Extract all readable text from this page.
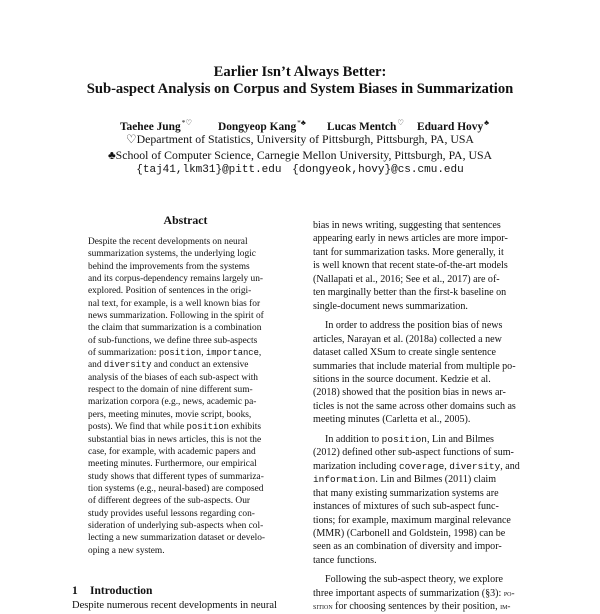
Earlier Isn’t Always Better:
Sub-aspect Analysis on Corpus and System Biases in Summarization
Taehee Jung*♡ Dongyeop Kang*♣ Lucas Mentch♡ Eduard Hovy♣
♡Department of Statistics, University of Pittsburgh, Pittsburgh, PA, USA
♣School of Computer Science, Carnegie Mellon University, Pittsburgh, PA, USA
{taj41,lkm31}@pitt.edu {dongyeok,hovy}@cs.cmu.edu
Abstract
Despite the recent developments on neural
summarization systems, the underlying logic
behind the improvements from the systems
and its corpus-dependency remains largely un-
explored. Position of sentences in the origi-
nal text, for example, is a well known bias for
news summarization. Following in the spirit of
the claim that summarization is a combination
of sub-functions, we define three sub-aspects
of summarization: position, importance,
and diversity and conduct an extensive
analysis of the biases of each sub-aspect with
respect to the domain of nine different sum-
marization corpora (e.g., news, academic pa-
pers, meeting minutes, movie script, books,
posts). We find that while position exhibits
substantial bias in news articles, this is not the
case, for example, with academic papers and
meeting minutes. Furthermore, our empirical
study shows that different types of summariza-
tion systems (e.g., neural-based) are composed
of different degrees of the sub-aspects. Our
study provides useful lessons regarding con-
sideration of underlying sub-aspects when col-
lecting a new summarization dataset or develo-
oping a new system.
1 Introduction
Despite numerous recent developments in neural
bias in news writing, suggesting that sentences
appearing early in news articles are more impor-
tant for summarization tasks. More generally, it
is well known that recent state-of-the-art models
(Nallapati et al., 2016; See et al., 2017) are of-
ten marginally better than the first-k baseline on
single-document news summarization.
In order to address the position bias of news
articles, Narayan et al. (2018a) collected a new
dataset called XSum to create single sentence
summaries that include material from multiple po-
sitions in the source document. Kedzie et al.
(2018) showed that the position bias in news ar-
ticles is not the same across other domains such as
meeting minutes (Carletta et al., 2005).
In addition to position, Lin and Bilmes
(2012) defined other sub-aspect functions of sum-
marization including coverage, diversity, and
information. Lin and Bilmes (2011) claim
that many existing summarization systems are
instances of mixtures of such sub-aspect func-
tions; for example, maximum marginal relevance
(MMR) (Carbonell and Goldstein, 1998) can be
seen as an combination of diversity and impor-
tance functions.
Following the sub-aspect theory, we explore
three important aspects of summarization (§3): po-
sition for choosing sentences by their position, im-
